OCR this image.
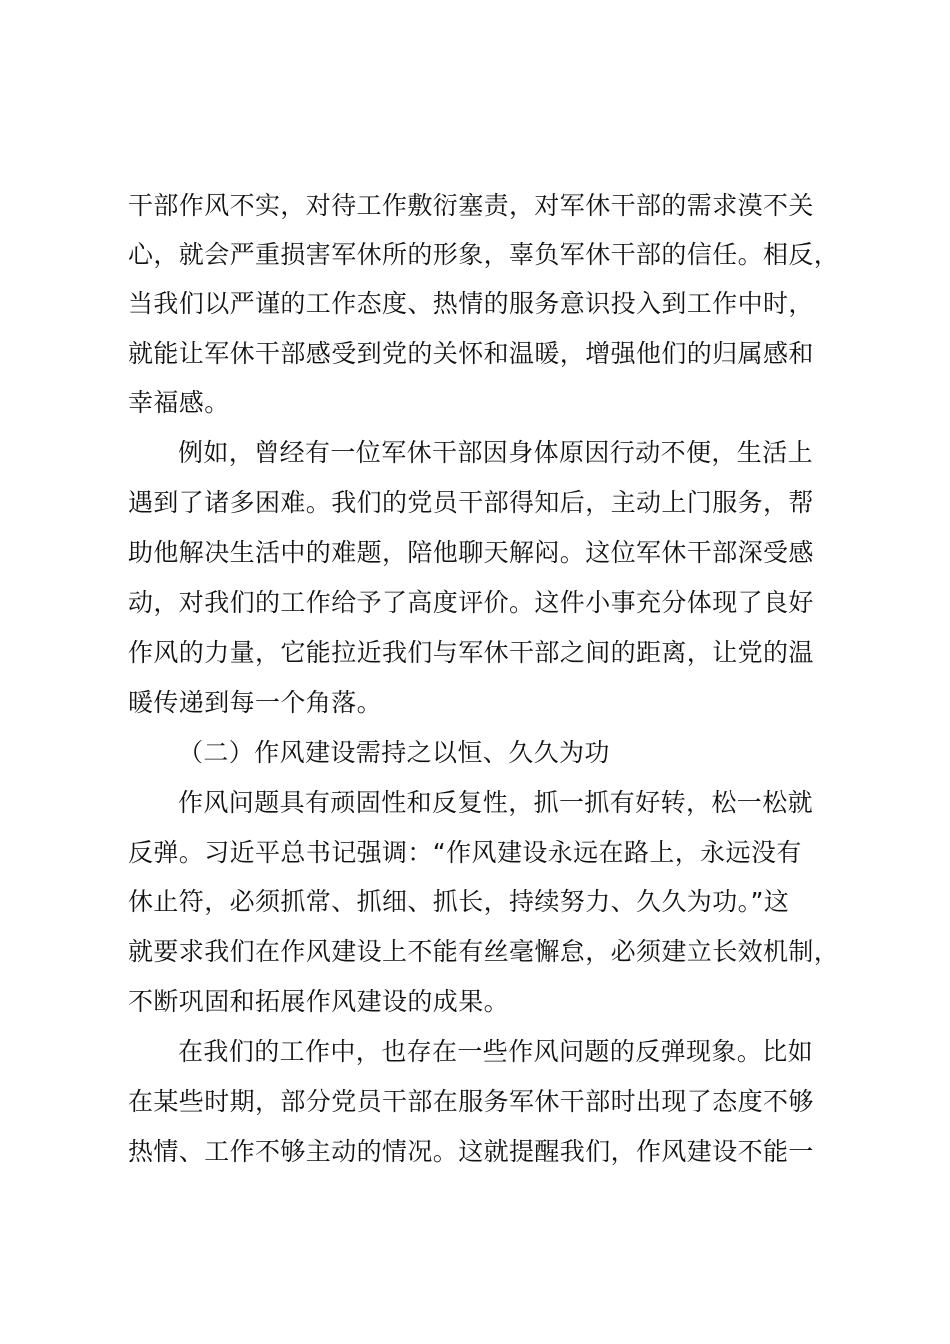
干部作风不实，对待工作敷衍塞责，对军休干部的需求漠不关
心，就会严重损害军休所的形象，辜负军休干部的信任。相反，
当我们以严谨的工作态度、热情的服务意识投入到工作中时，
就能让军休干部感受到党的关怀和温暖，增强他们的归属感和
幸福感。
例如，曾经有一位军休干部因身体原因行动不便，生活上
遇到了诸多困难。我们的党员干部得知后，主动上门服务，帮
助他解决生活中的难题，陪他聊天解闷。这位军休干部深受感
动，对我们的工作给予了高度评价。这件小事充分体现了良好
作风的力量，它能拉近我们与军休干部之间的距离，让党的温
暖传递到每一个角落。
（二）作风建设需持之以恒、久久为功
作风问题具有顽固性和反复性，抓一抓有好转，松一松就
反弹。习近平总书记强调：“作风建设永远在路上，永远没有
休止符，必须抓常、抓细、抓长，持续努力、久久为功。”这
就要求我们在作风建设上不能有丝毫懈怠，必须建立长效机制，
不断巩固和拓展作风建设的成果。
在我们的工作中，也存在一些作风问题的反弹现象。比如
在某些时期，部分党员干部在服务军休干部时出现了态度不够
热情、工作不够主动的情况。这就提醒我们，作风建设不能一
